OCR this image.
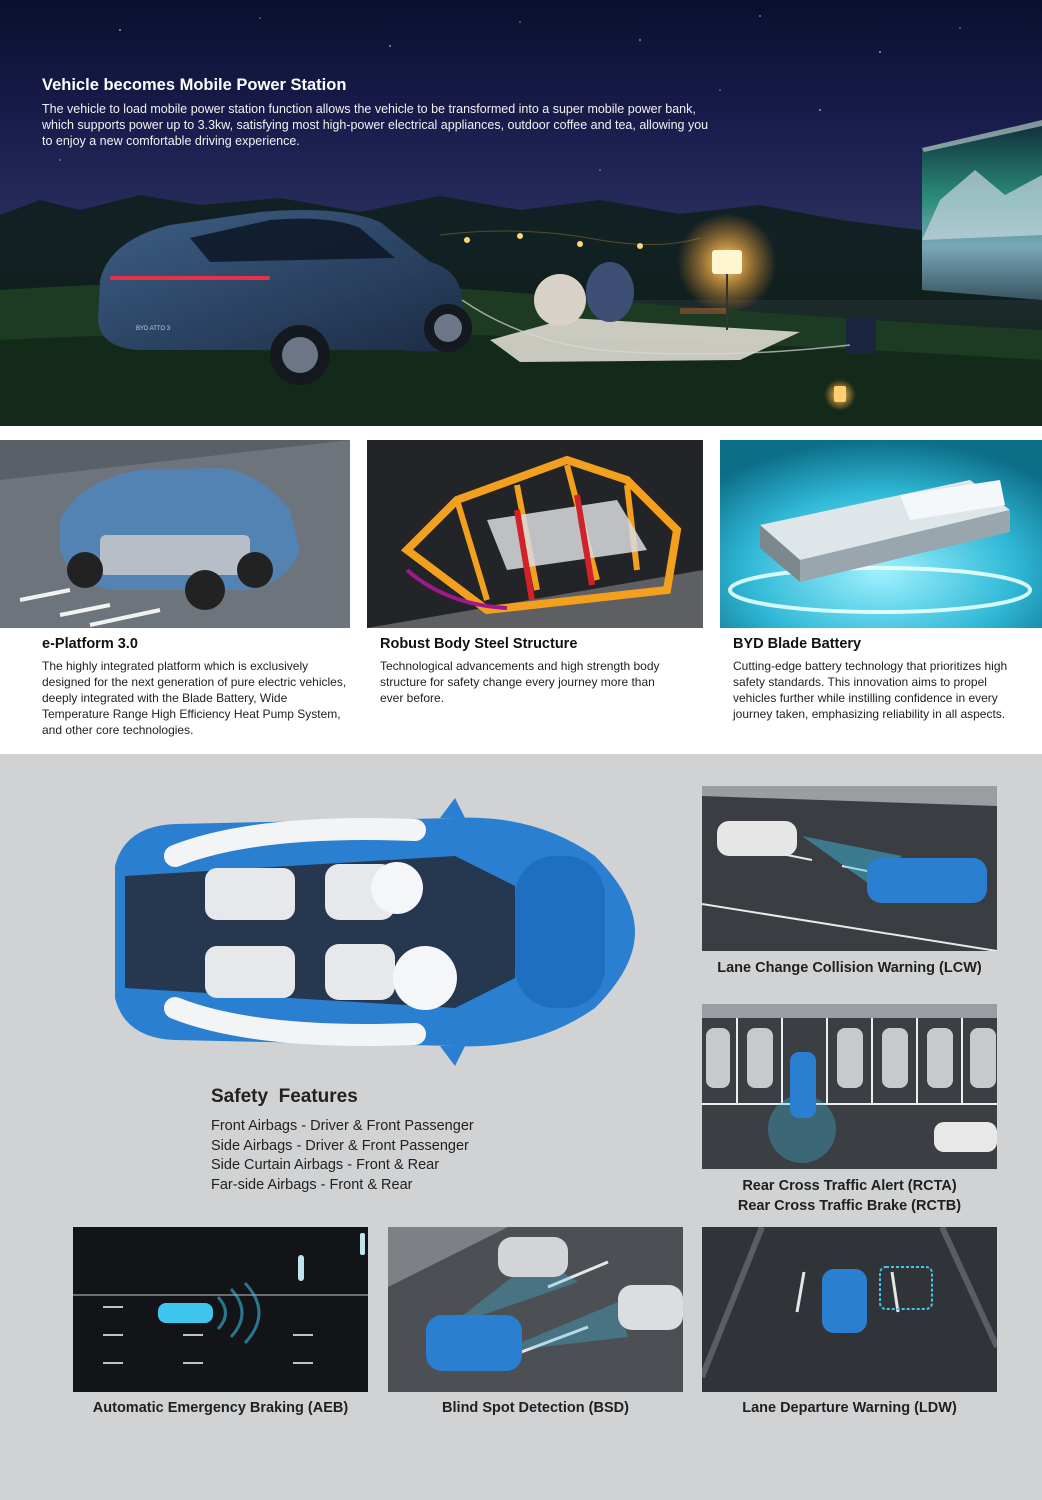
BYD ATTO 3
Vehicle becomes Mobile Power Station
The vehicle to load mobile power station function allows the vehicle to be transformed into a super mobile power bank, which supports power up to 3.3kw, satisfying most high-power electrical appliances, outdoor coffee and tea, allowing you to enjoy a new comfortable driving experience.
e-Platform 3.0
The highly integrated platform which is exclusively designed for the next generation of pure electric vehicles, deeply integrated with the Blade Battery, Wide Temperature Range High Efficiency Heat Pump System, and other core technologies.
Robust Body Steel Structure
Technological advancements and high strength body structure for safety change every journey more than ever before.
BYD Blade Battery
Cutting-edge battery technology that prioritizes high safety standards. This innovation aims to propel vehicles further while instilling confidence in every journey taken, emphasizing reliability in all aspects.
Safety  Features
Front Airbags - Driver & Front Passenger
Side Airbags - Driver & Front Passenger
Side Curtain Airbags - Front & Rear
Far-side Airbags - Front & Rear
Lane Change Collision Warning (LCW)
Rear Cross Traffic Alert (RCTA)
Rear Cross Traffic Brake (RCTB)
Automatic Emergency Braking (AEB)	Blind Spot Detection (BSD)	Lane Departure Warning (LDW)
